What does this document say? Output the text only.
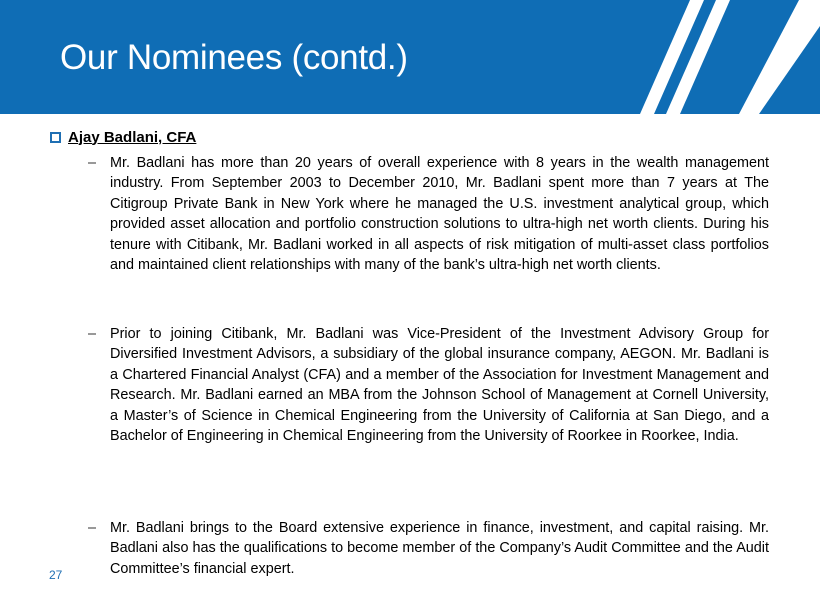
Our Nominees (contd.)
Ajay Badlani, CFA
– Mr. Badlani has more than 20 years of overall experience with 8 years in the wealth management industry. From September 2003 to December 2010, Mr. Badlani spent more than 7 years at The Citigroup Private Bank in New York where he managed the U.S. investment analytical group, which provided asset allocation and portfolio construction solutions to ultra-high net worth clients. During his tenure with Citibank, Mr. Badlani worked in all aspects of risk mitigation of multi-asset class portfolios and maintained client relationships with many of the bank’s ultra-high net worth clients.

– Prior to joining Citibank, Mr. Badlani was Vice-President of the Investment Advisory Group for Diversified Investment Advisors, a subsidiary of the global insurance company, AEGON. Mr. Badlani is a Chartered Financial Analyst (CFA) and a member of the Association for Investment Management and Research. Mr. Badlani earned an MBA from the Johnson School of Management at Cornell University, a Master’s of Science in Chemical Engineering from the University of California at San Diego, and a Bachelor of Engineering in Chemical Engineering from the University of Roorkee in Roorkee, India.

– Mr. Badlani brings to the Board extensive experience in finance, investment, and capital raising. Mr. Badlani also has the qualifications to become member of the Company’s Audit Committee and the Audit Committee’s financial expert.

27
